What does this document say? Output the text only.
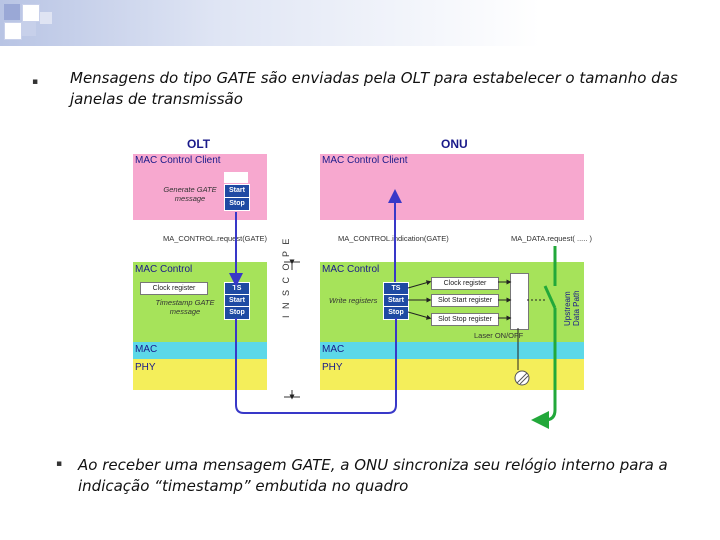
▪ Mensagens do tipo GATE são enviadas pela OLT para estabelecer o tamanho das janelas de transmissão
OLT	ONU
MAC Control Client
Generate GATE message
Start
Stop
MA_CONTROL.request(GATE)
MAC Control
Clock register
Timestamp GATE message
TS
Start
Stop
MAC
PHY
I N S C O P E
MAC Control Client
MA_CONTROL.indication(GATE)	MA_DATA.request( ..... )
MAC Control
Write registers
TS
Start
Stop
Clock register
Slot Start register
Slot Stop register
Laser ON/OFF
Upstream Data Path
MAC
PHY
▪ Ao receber uma mensagem GATE, a ONU sincroniza seu relógio interno para a indicação “timestamp” embutida no quadro
